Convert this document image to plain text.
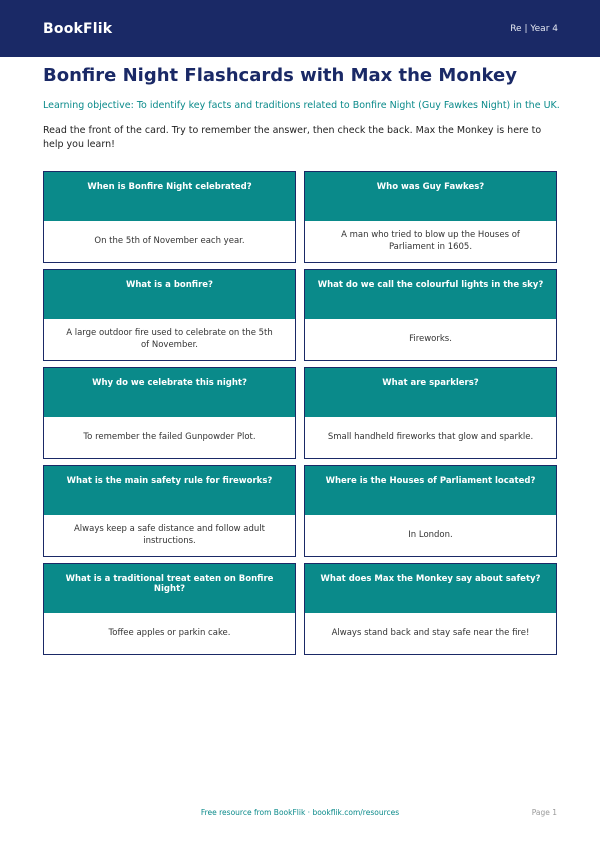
BookFlik	Re | Year 4
Bonfire Night Flashcards with Max the Monkey
Learning objective: To identify key facts and traditions related to Bonfire Night (Guy Fawkes Night) in the UK.
Read the front of the card. Try to remember the answer, then check the back. Max the Monkey is here to help you learn!
When is Bonfire Night celebrated?
On the 5th of November each year.
Who was Guy Fawkes?
A man who tried to blow up the Houses of Parliament in 1605.
What is a bonfire?
A large outdoor fire used to celebrate on the 5th of November.
What do we call the colourful lights in the sky?
Fireworks.
Why do we celebrate this night?
To remember the failed Gunpowder Plot.
What are sparklers?
Small handheld fireworks that glow and sparkle.
What is the main safety rule for fireworks?
Always keep a safe distance and follow adult instructions.
Where is the Houses of Parliament located?
In London.
What is a traditional treat eaten on Bonfire Night?
Toffee apples or parkin cake.
What does Max the Monkey say about safety?
Always stand back and stay safe near the fire!
Free resource from BookFlik · bookflik.com/resources	Page 1
